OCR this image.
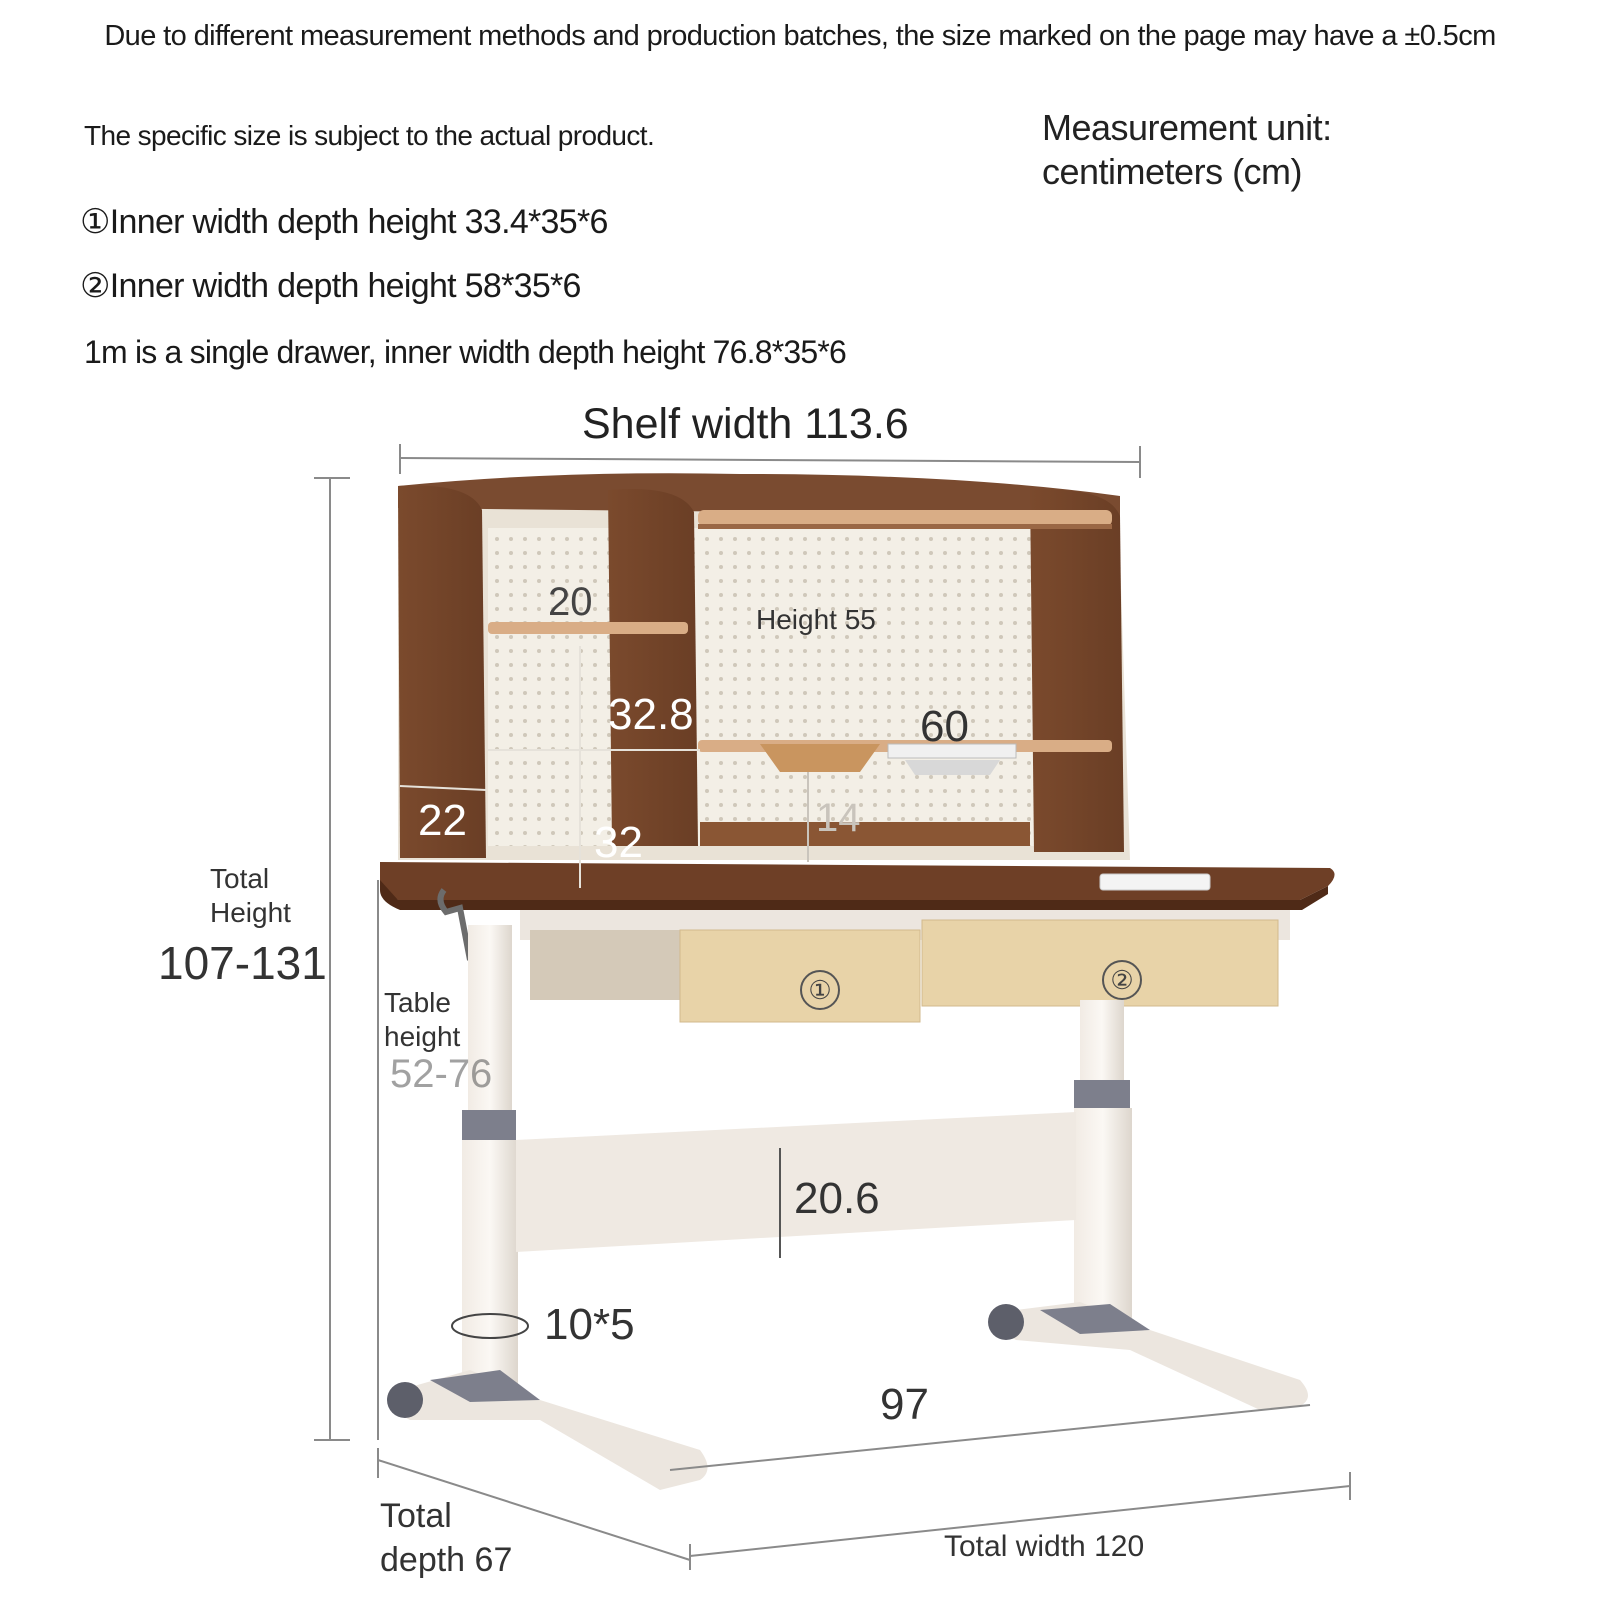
Due to different measurement methods and production batches, the size marked on the page may have a ±0.5cm

The specific size is subject to the actual product.	Measurement unit: centimeters (cm)

①Inner width depth height 33.4*35*6

②Inner width depth height 58*35*6

1m is a single drawer, inner width depth height 76.8*35*6

①	②
Shelf width 113.6
20	Height 55
32.8	60
22	32	14
Total Height
107-131
Table height
52-76
20.6
10*5
97
Total depth 67	Total width 120
